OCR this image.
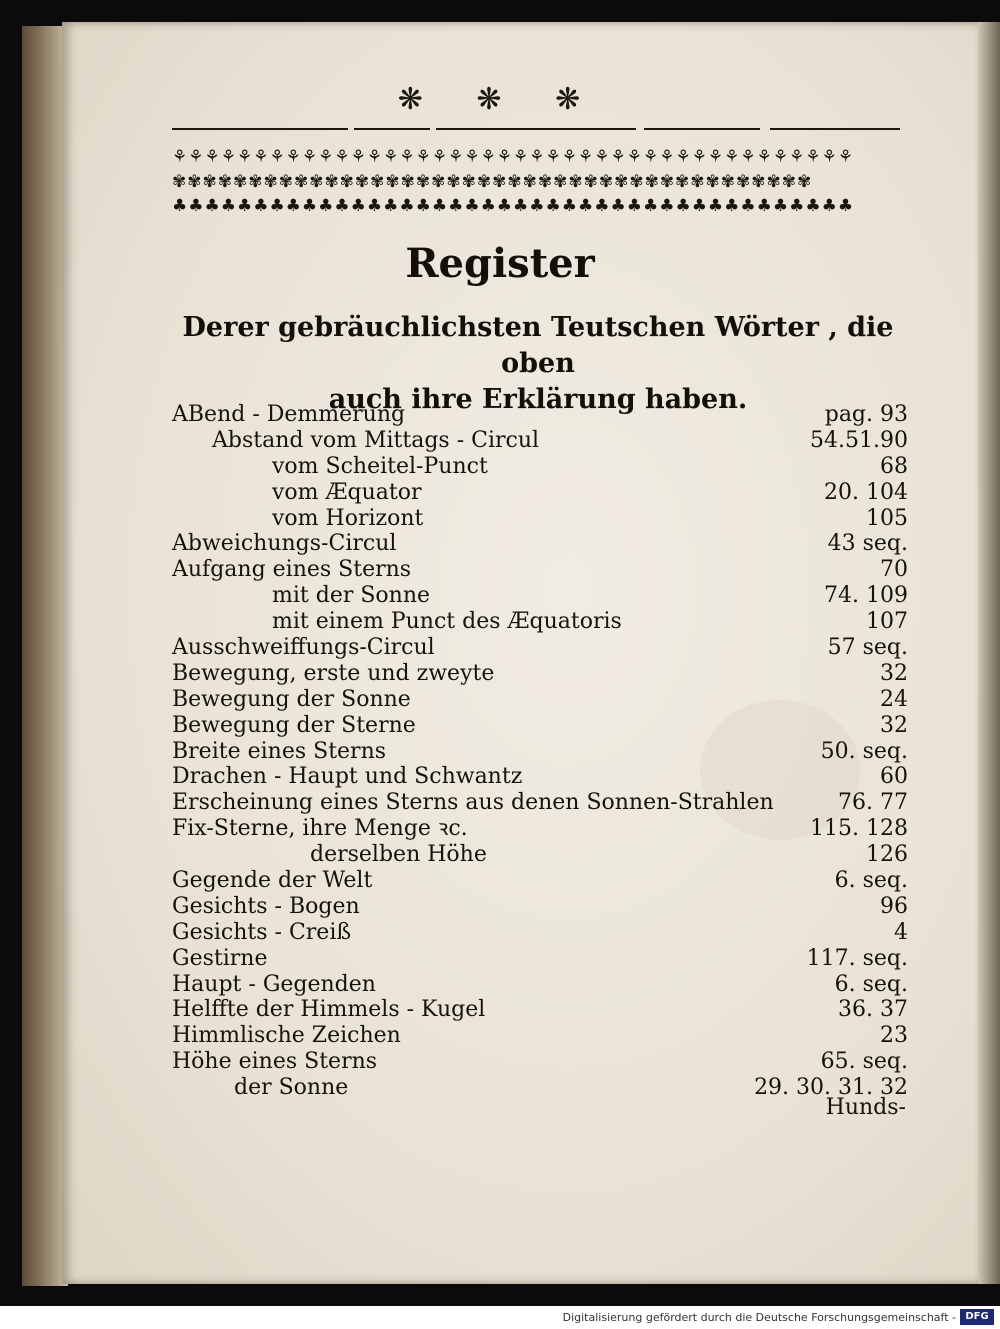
❋ ❋ ❋
⚘⚘⚘⚘⚘⚘⚘⚘⚘⚘⚘⚘⚘⚘⚘⚘⚘⚘⚘⚘⚘⚘⚘⚘⚘⚘⚘⚘⚘⚘⚘⚘⚘⚘⚘⚘⚘⚘⚘⚘⚘⚘
✾✾✾✾✾✾✾✾✾✾✾✾✾✾✾✾✾✾✾✾✾✾✾✾✾✾✾✾✾✾✾✾✾✾✾✾✾✾✾✾✾✾
♣♣♣♣♣♣♣♣♣♣♣♣♣♣♣♣♣♣♣♣♣♣♣♣♣♣♣♣♣♣♣♣♣♣♣♣♣♣♣♣♣♣
Register
Derer gebräuchlichsten Teutschen Wörter , die oben
auch ihre Erklärung haben.
ABend - Demmerung	pag. 93
Abstand vom Mittags - Circul	54.51.90
vom Scheitel-Punct	68
vom Æquator	20. 104
vom Horizont	105
Abweichungs-Circul	43 seq.
Aufgang eines Sterns	70
mit der Sonne	74. 109
mit einem Punct des Æquatoris	107
Ausschweiffungs-Circul	57 seq.
Bewegung, erste und zweyte	32
Bewegung der Sonne	24
Bewegung der Sterne	32
Breite eines Sterns	50. seq.
Drachen - Haupt und Schwantz	60
Erscheinung eines Sterns aus denen Sonnen-Strahlen	76. 77
Fix-Sterne, ihre Menge ꝛc.	115. 128
derselben Höhe	126
Gegende der Welt	6. seq.
Gesichts - Bogen	96
Gesichts - Creiß	4
Gestirne	117. seq.
Haupt - Gegenden	6. seq.
Helffte der Himmels - Kugel	36. 37
Himmlische Zeichen	23
Höhe eines Sterns	65. seq.
der Sonne	29. 30. 31. 32
Hunds-
Digitalisierung gefördert durch die Deutsche Forschungsgemeinschaft - DFG
